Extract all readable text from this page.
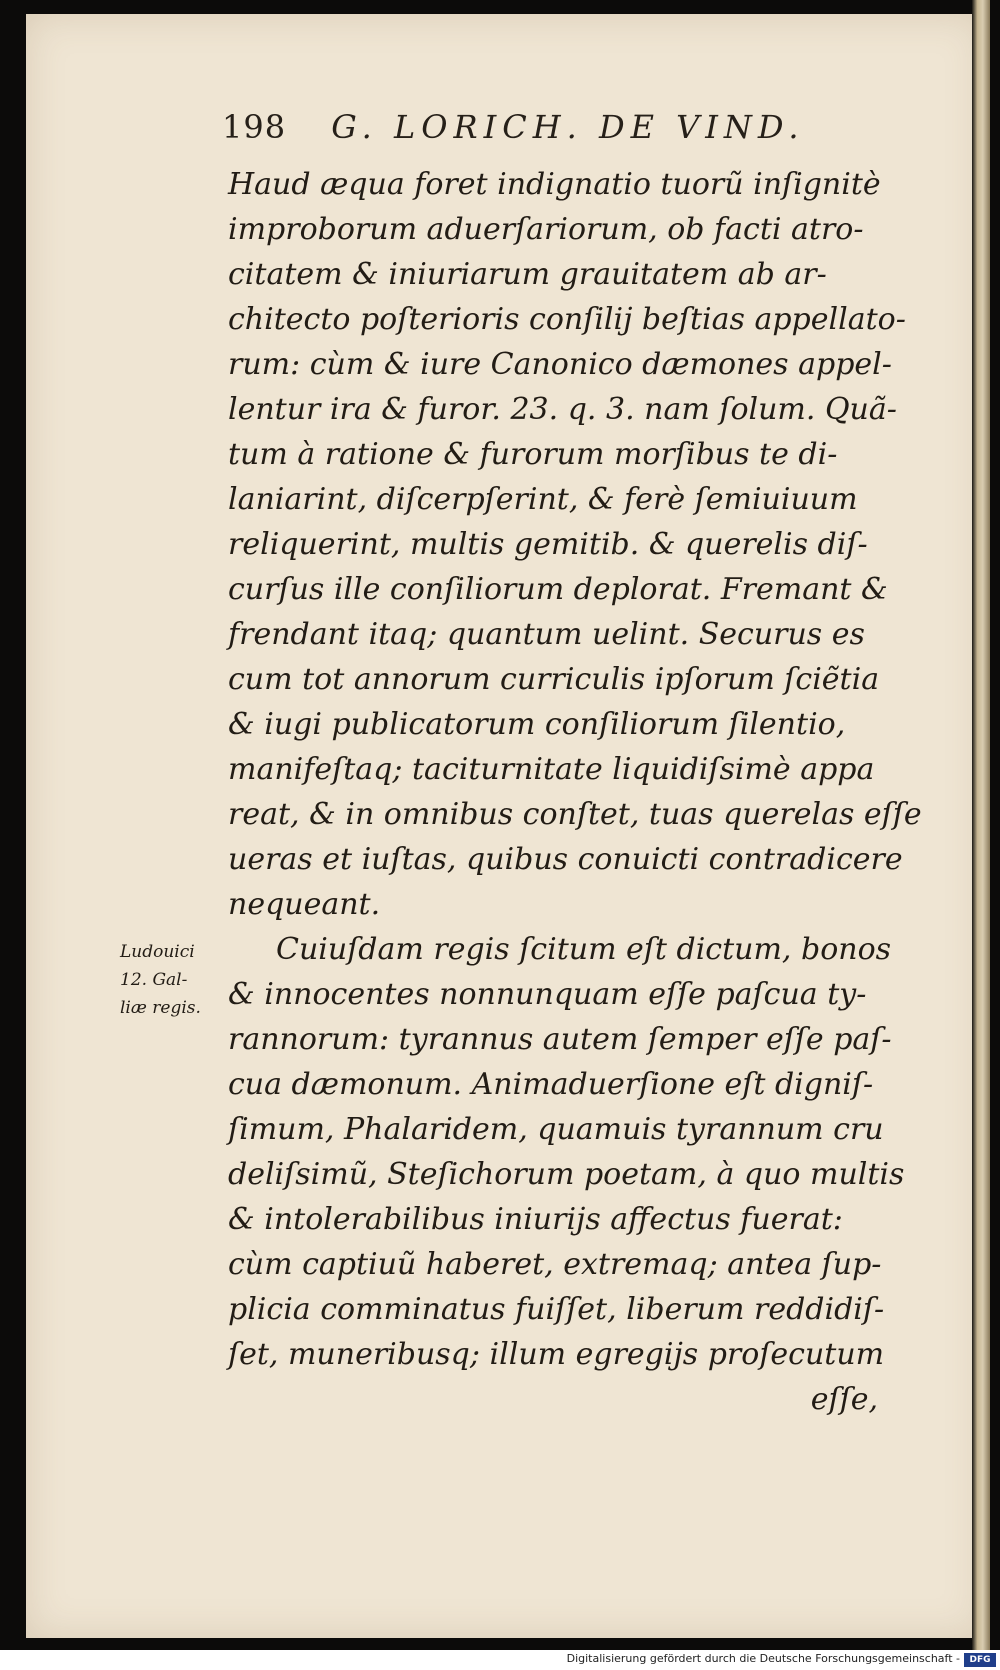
198 G. LORICH. DE VIND.
Haud æqua foret indignatio tuorũ inſignitè
improborum aduerſariorum, ob facti atro-
citatem & iniuriarum grauitatem ab ar-
chitecto poſterioris conſilij beſtias appellato-
rum: cùm & iure Canonico dæmones appel-
lentur ira & furor. 23. q. 3. nam ſolum. Quã-
tum à ratione & furorum morſibus te di-
laniarint, diſcerpſerint, & ferè ſemiuiuum
reliquerint, multis gemitib. & querelis diſ-
curſus ille conſiliorum deplorat. Fremant &
frendant itaq; quantum uelint. Securus es
cum tot annorum curriculis ipſorum ſciẽtia
& iugi publicatorum conſiliorum ſilentio,
manifeſtaq; taciturnitate liquidiſsimè appa
reat, & in omnibus conſtet, tuas querelas eſſe
ueras et iuſtas, quibus conuicti contradicere
nequeant.
Cuiuſdam regis ſcitum eſt dictum, bonos
& innocentes nonnunquam eſſe paſcua ty-
rannorum: tyrannus autem ſemper eſſe paſ-
cua dæmonum. Animaduerſione eſt digniſ-
ſimum, Phalaridem, quamuis tyrannum cru
deliſsimũ, Steſichorum poetam, à quo multis
& intolerabilibus iniurijs affectus fuerat:
cùm captiuũ haberet, extremaq; antea ſup-
plicia comminatus fuiſſet, liberum reddidiſ-
ſet, muneribusq; illum egregijs proſecutum
eſſe,
Ludouici
12. Gal-
liæ regis.
Digitalisierung gefördert durch die Deutsche Forschungsgemeinschaft -	DFG
